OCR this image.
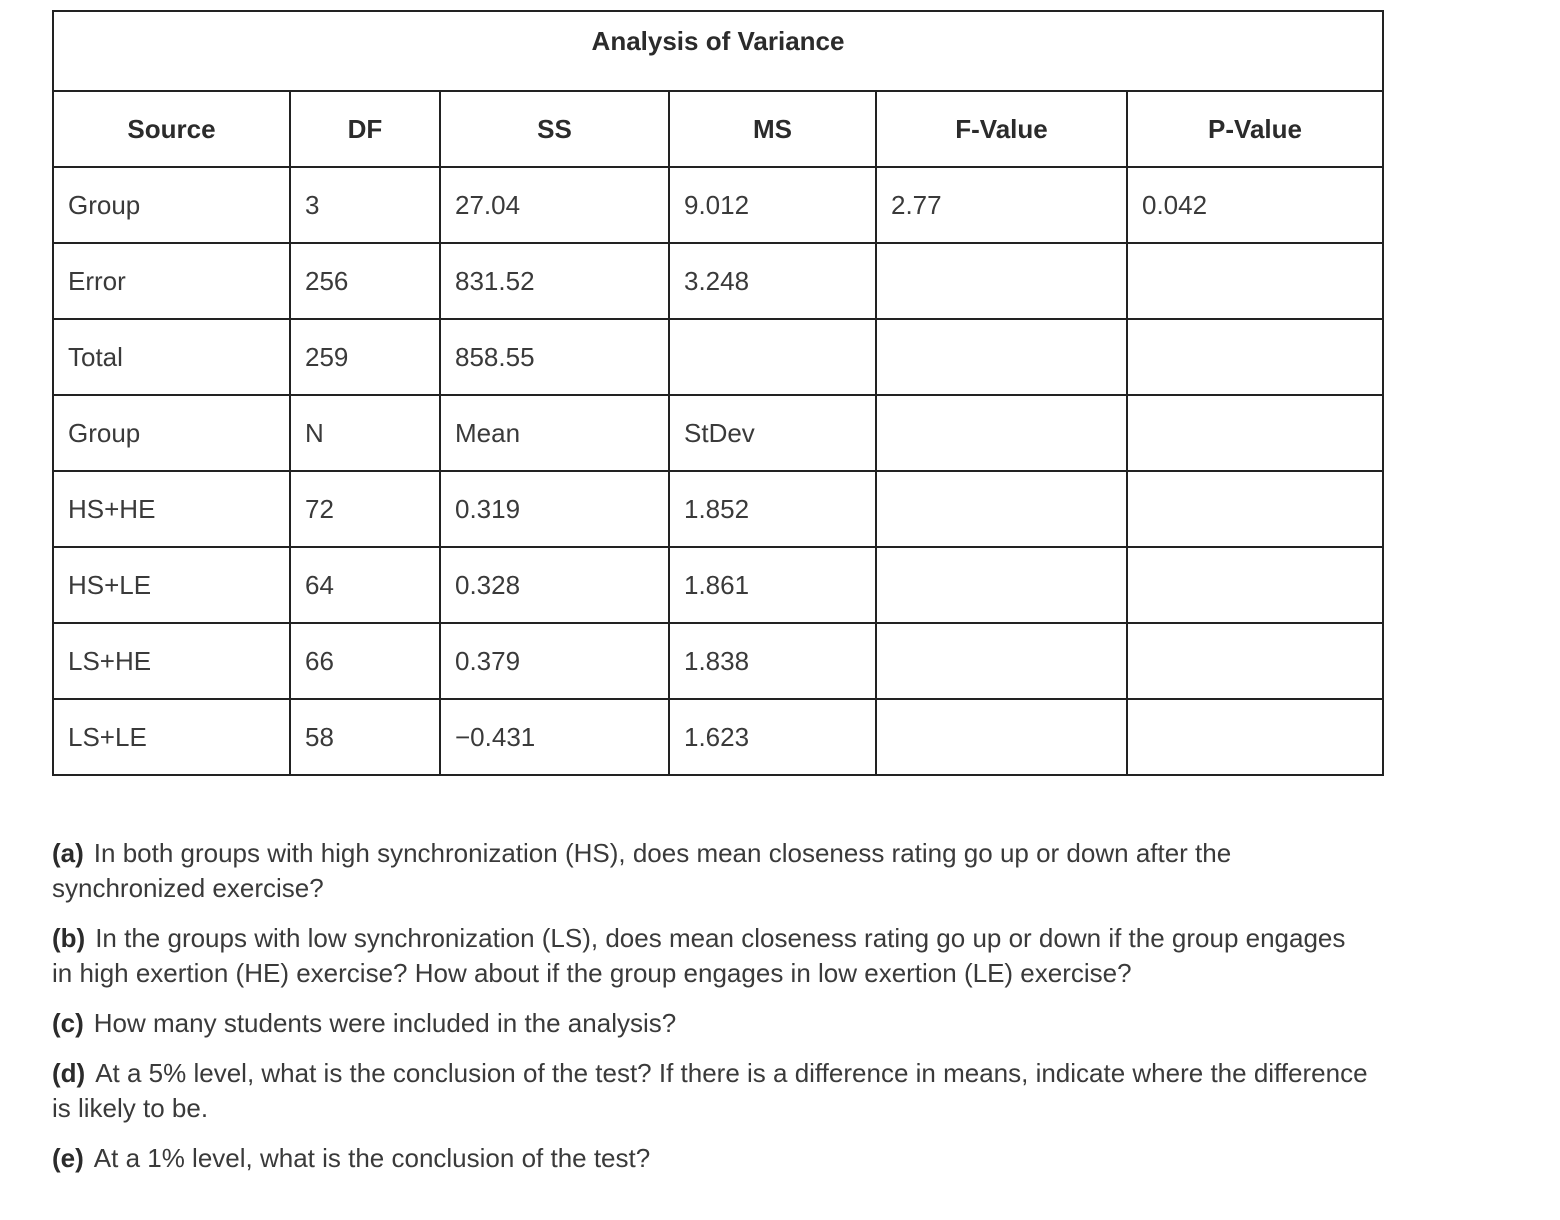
Analysis of Variance					
Source	DF	SS	MS	F-Value	P-Value
Group	3	27.04	9.012	2.77	0.042
Error	256	831.52	3.248		
Total	259	858.55			
Group	N	Mean	StDev		
HS+HE	72	0.319	1.852		
HS+LE	64	0.328	1.861		
LS+HE	66	0.379	1.838		
LS+LE	58	−0.431	1.623		

(a) In both groups with high synchronization (HS), does mean closeness rating go up or down after the synchronized exercise?

(b) In the groups with low synchronization (LS), does mean closeness rating go up or down if the group engages in high exertion (HE) exercise? How about if the group engages in low exertion (LE) exercise?

(c) How many students were included in the analysis?

(d) At a 5% level, what is the conclusion of the test? If there is a difference in means, indicate where the difference is likely to be.

(e) At a 1% level, what is the conclusion of the test?
